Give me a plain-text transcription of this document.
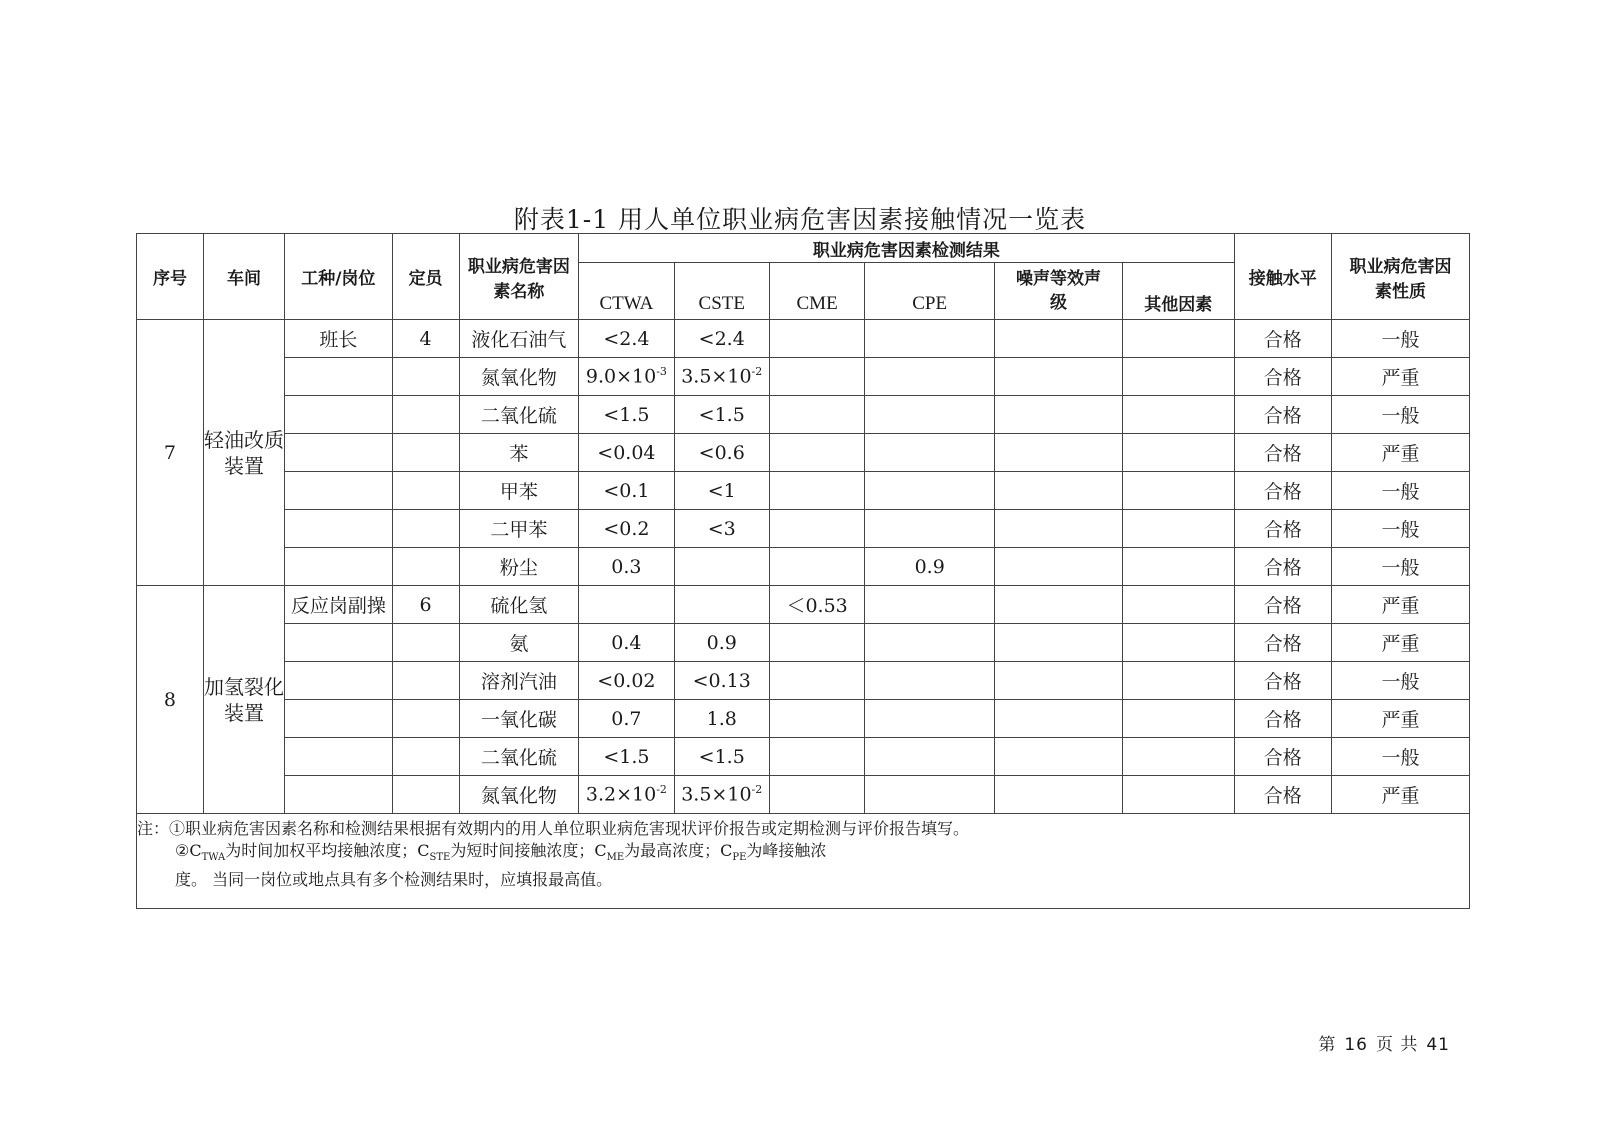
附表1-1 用人单位职业病危害因素接触情况一览表
序号	车间	工种/岗位	定员	职业病危害因素名称	职业病危害因素检测结果						接触水平	职业病危害因素性质
					CTWA	CSTE	CME	CPE	噪声等效声级	其他因素		
7	轻油改质装置	班长	4	液化石油气	<2.4	<2.4					合格	一般
				氮氧化物	$9.0\times 10^{-3}$	$3.5\times 10^{-2}$					合格	严重
				二氧化硫	<1.5	<1.5					合格	一般
				苯	<0.04	<0.6					合格	严重
				甲苯	<0.1	<1					合格	一般
				二甲苯	<0.2	<3					合格	一般
				粉尘	0.3			0.9			合格	一般
8	加氢裂化装置	反应岗副操	6	硫化氢			＜0.53				合格	严重
				氨	0.4	0.9					合格	严重
				溶剂汽油	<0.02	<0.13					合格	一般
				一氧化碳	0.7	1.8					合格	严重
				二氧化硫	<1.5	<1.5					合格	一般
				氮氧化物	$3.2\times 10^{-2}$	$3.5\times 10^{-2}$					合格	严重

注：①职业病危害因素名称和检测结果根据有效期内的用人单位职业病危害现状评价报告或定期检测与评价报告填写。
$②C_{TWA}$为时间加权平均接触浓度；$C_{STE}$为短时间接触浓度；$C_{ME}$为最高浓度；$C_{PE}$为峰接触浓
度。 当同一岗位或地点具有多个检测结果时，应填报最高值。												
第 16 页 共 41
